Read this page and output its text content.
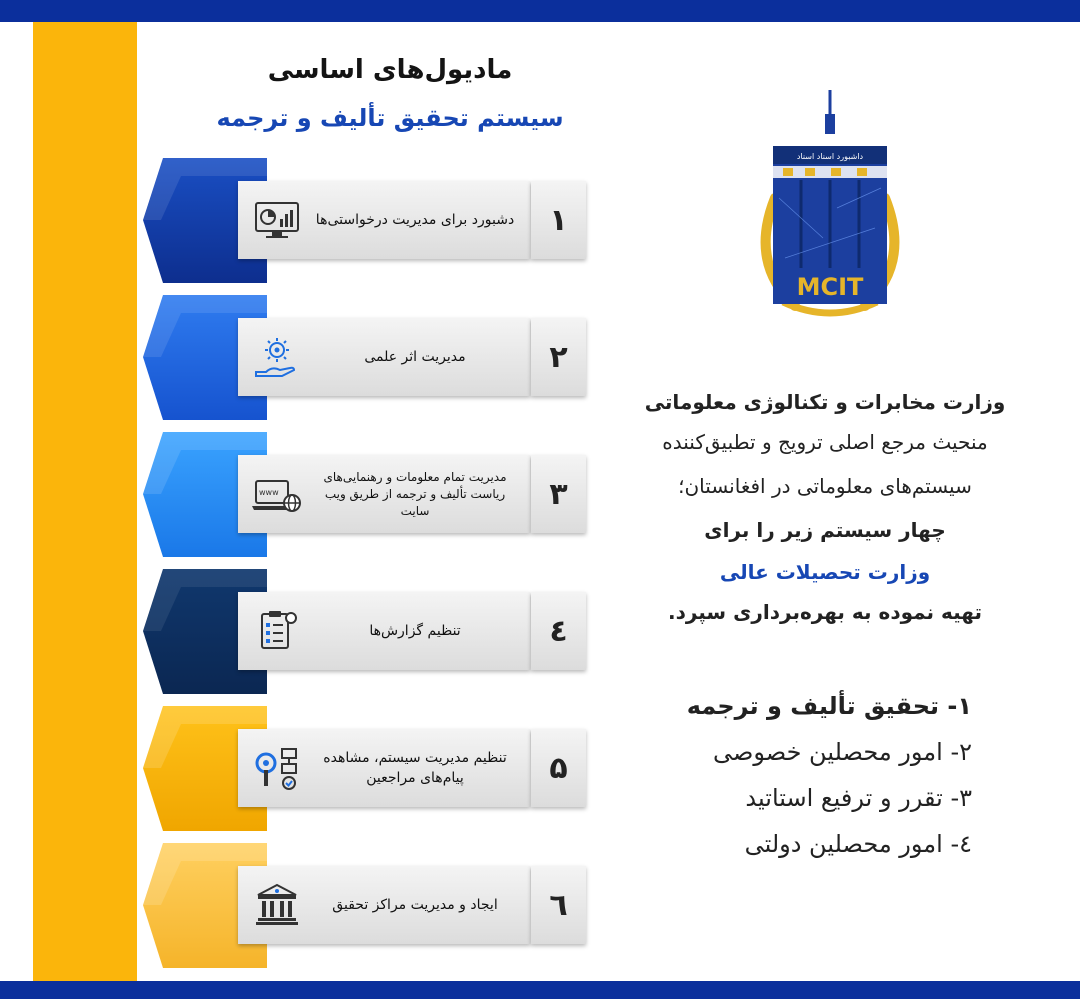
ماديول‌های اساسی
سیستم تحقیق تألیف و ترجمه
دشبورد برای مدیریت درخواستی‌ها	۱
مدیریت اثر علمی	۲
www
مدیریت تمام معلومات و رهنمایی‌های ریاست تألیف و ترجمه از طریق ویب سایت	۳
تنظیم گزارش‌ها	٤
تنظیم مدیریت سیستم، مشاهده پیام‌های مراجعین	۵
ایجاد و مدیریت مراکز تحقیق	٦
داشبورد اسناد اسناد
MCIT

وزارت مخابرات و تکنالوژی معلوماتی

منحیث مرجع اصلی ترویج و تطبیق‌کننده

سیستم‌های معلوماتی در افغانستان؛

چهار سیستم زیر را برای

وزارت تحصیلات عالی

تهیه نموده به بهره‌برداری سپرد.

۱- تحقیق تألیف و ترجمه

۲- امور محصلین خصوصی

۳- تقرر و ترفیع استاتید

٤- امور محصلین دولتی
